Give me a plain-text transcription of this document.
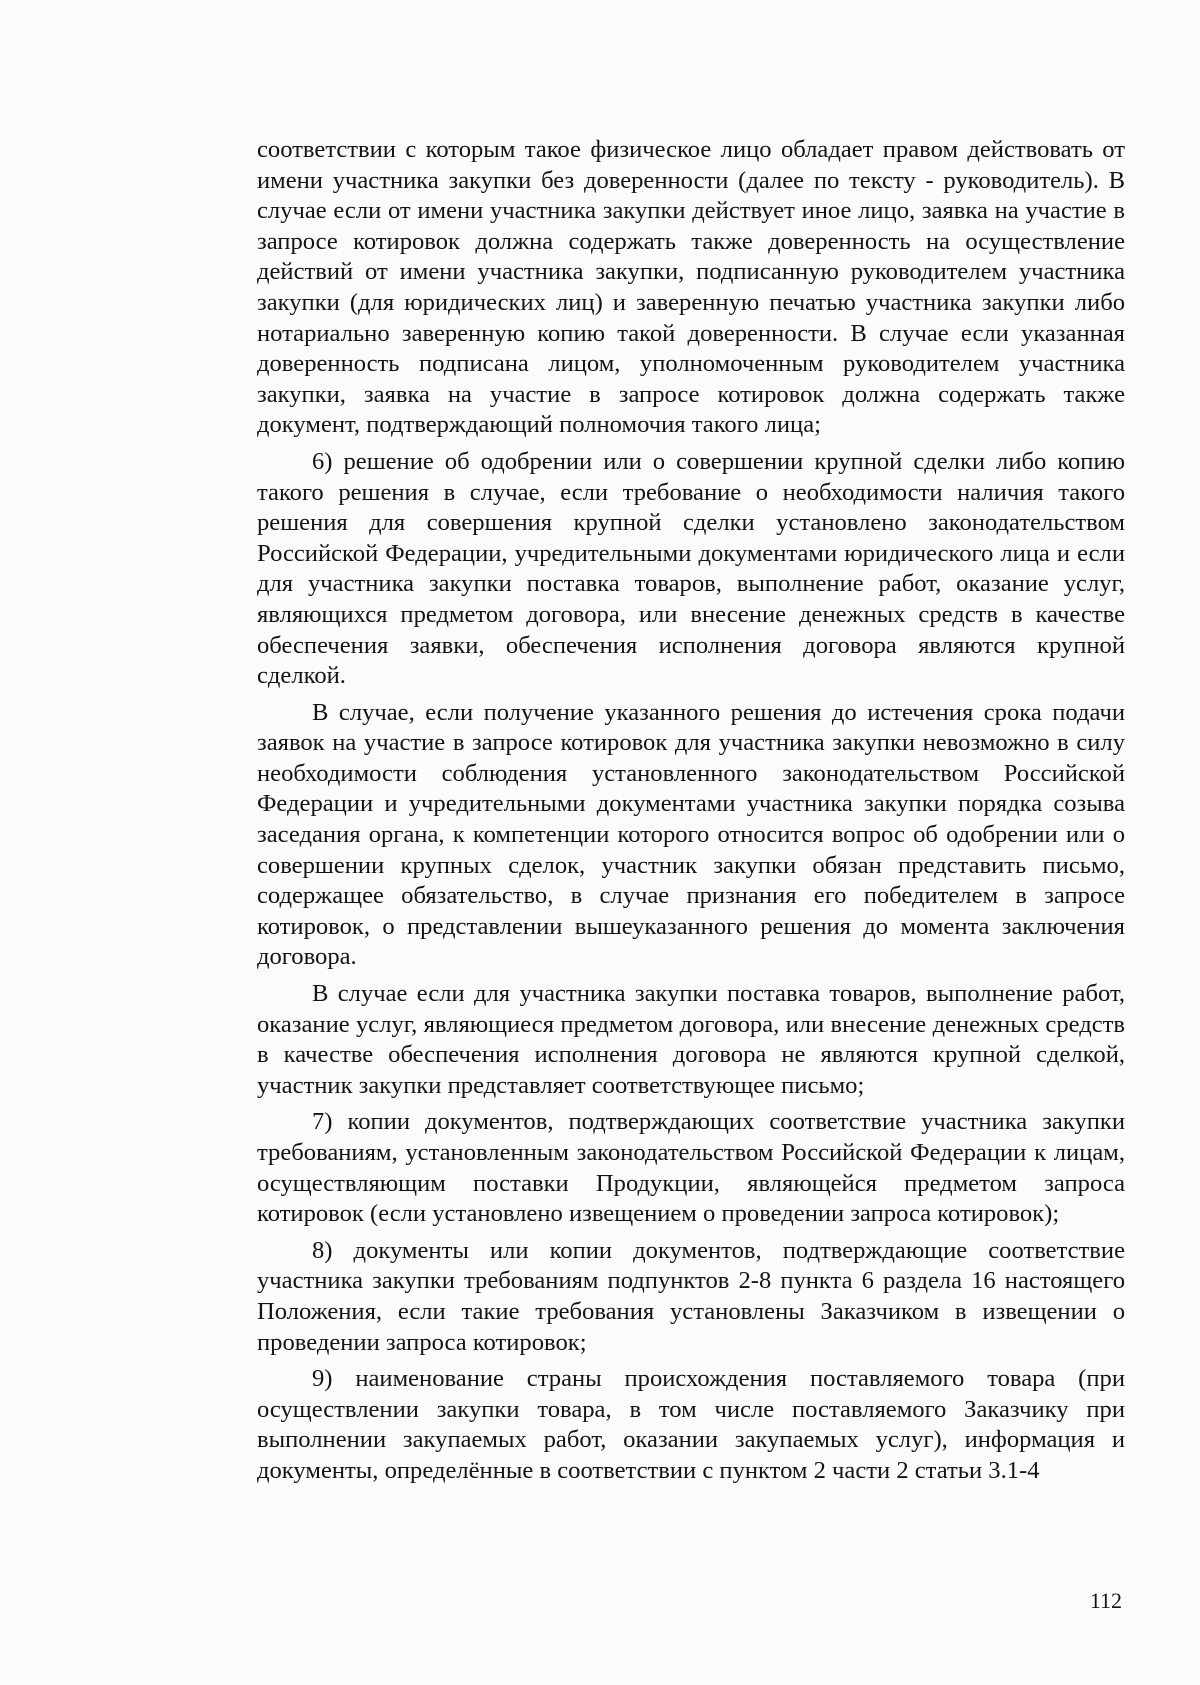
соответствии с которым такое физическое лицо обладает правом действовать от имени участника закупки без доверенности (далее по тексту - руководитель). В случае если от имени участника закупки действует иное лицо, заявка на участие в запросе котировок должна содержать также доверенность на осуществление действий от имени участника закупки, подписанную руководителем участника закупки (для юридических лиц) и заверенную печатью участника закупки либо нотариально заверенную копию такой доверенности. В случае если указанная доверенность подписана лицом, уполномоченным руководителем участника закупки, заявка на участие в запросе котировок должна содержать также документ, подтверждающий полномочия такого лица;

6) решение об одобрении или о совершении крупной сделки либо копию такого решения в случае, если требование о необходимости наличия такого решения для совершения крупной сделки установлено законодательством Российской Федерации, учредительными документами юридического лица и если для участника закупки поставка товаров, выполнение работ, оказание услуг, являющихся предметом договора, или внесение денежных средств в качестве обеспечения заявки, обеспечения исполнения договора являются крупной сделкой.

В случае, если получение указанного решения до истечения срока подачи заявок на участие в запросе котировок для участника закупки невозможно в силу необходимости соблюдения установленного законодательством Российской Федерации и учредительными документами участника закупки порядка созыва заседания органа, к компетенции которого относится вопрос об одобрении или о совершении крупных сделок, участник закупки обязан представить письмо, содержащее обязательство, в случае признания его победителем в запросе котировок, о представлении вышеуказанного решения до момента заключения договора.

В случае если для участника закупки поставка товаров, выполнение работ, оказание услуг, являющиеся предметом договора, или внесение денежных средств в качестве обеспечения исполнения договора не являются крупной сделкой, участник закупки представляет соответствующее письмо;

7) копии документов, подтверждающих соответствие участника закупки требованиям, установленным законодательством Российской Федерации к лицам, осуществляющим поставки Продукции, являющейся предметом запроса котировок (если установлено извещением о проведении запроса котировок);

8) документы или копии документов, подтверждающие соответствие участника закупки требованиям подпунктов 2-8 пункта 6 раздела 16 настоящего Положения, если такие требования установлены Заказчиком в извещении о проведении запроса котировок;

9) наименование страны происхождения поставляемого товара (при осуществлении закупки товара, в том числе поставляемого Заказчику при выполнении закупаемых работ, оказании закупаемых услуг), информация и документы, определённые в соответствии с пунктом 2 части 2 статьи 3.1-4

112
